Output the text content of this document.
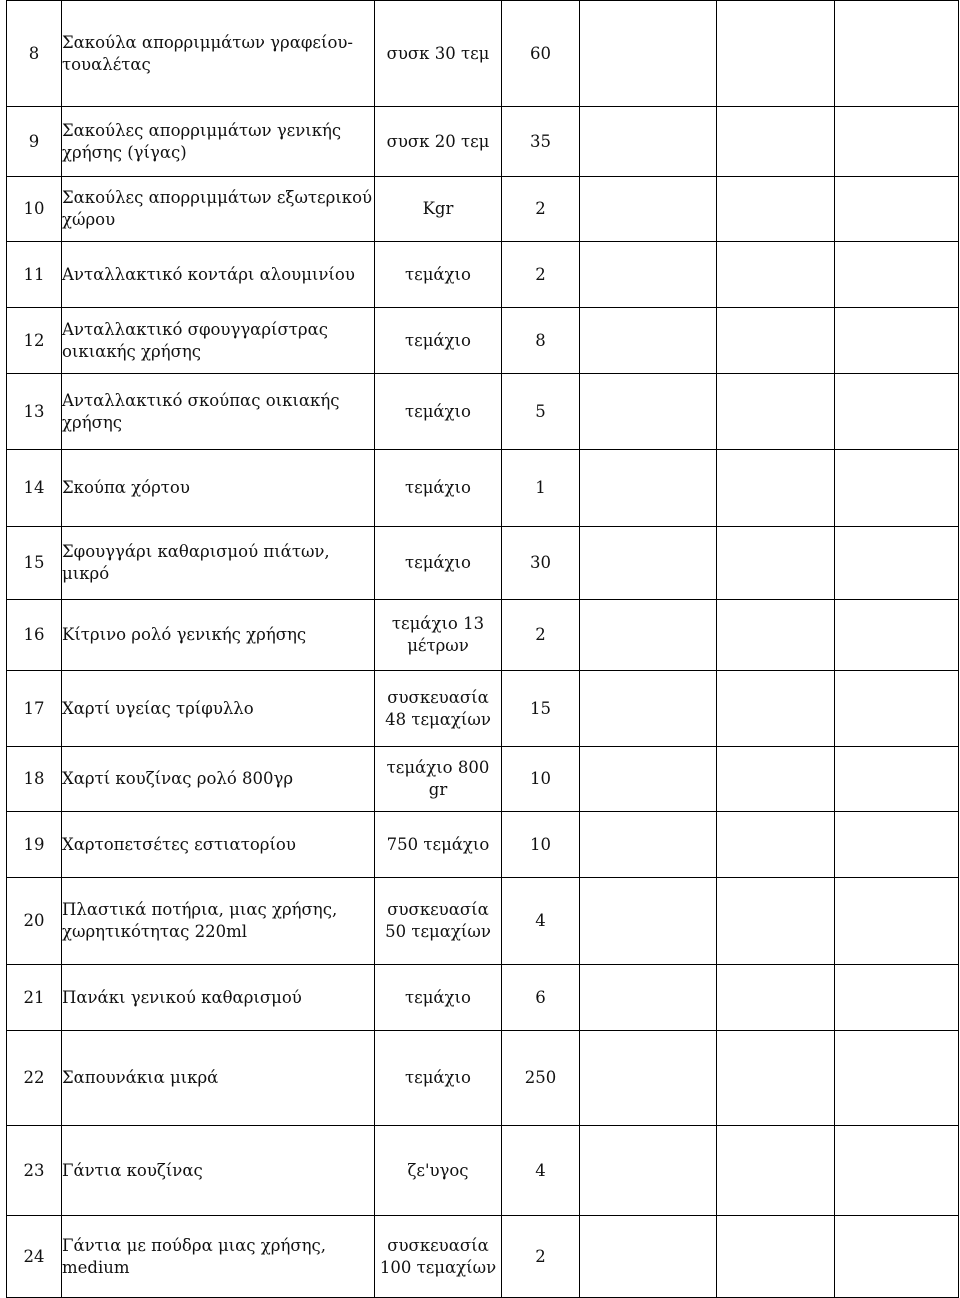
8	Σακούλα απορριμμάτων γραφείου-τουαλέτας	συσκ 30 τεμ	60			
9	Σακούλες απορριμμάτων γενικής χρήσης (γίγας)	συσκ 20 τεμ	35			
10	Σακούλες απορριμμάτων εξωτερικού χώρου	Kgr	2			
11	Ανταλλακτικό κοντάρι αλουμινίου	τεμάχιο	2			
12	Ανταλλακτικό σφουγγαρίστρας οικιακής χρήσης	τεμάχιο	8			
13	Ανταλλακτικό σκούπας οικιακής χρήσης	τεμάχιο	5			
14	Σκούπα χόρτου	τεμάχιο	1			
15	Σφουγγάρι καθαρισμού πιάτων, μικρό	τεμάχιο	30			
16	Κίτρινο ρολό γενικής χρήσης	τεμάχιο 13 μέτρων	2			
17	Χαρτί υγείας τρίφυλλο	συσκευασία 48 τεμαχίων	15			
18	Χαρτί κουζίνας ρολό 800γρ	τεμάχιο 800 gr	10			
19	Χαρτοπετσέτες εστιατορίου	750 τεμάχιο	10			
20	Πλαστικά ποτήρια, μιας χρήσης, χωρητικότητας 220ml	συσκευασία 50 τεμαχίων	4			
21	Πανάκι γενικού καθαρισμού	τεμάχιο	6			
22	Σαπουνάκια μικρά	τεμάχιο	250			
23	Γάντια κουζίνας	ζε'υγος	4			
24	Γάντια με πούδρα μιας χρήσης, medium	συσκευασία 100 τεμαχίων	2			
